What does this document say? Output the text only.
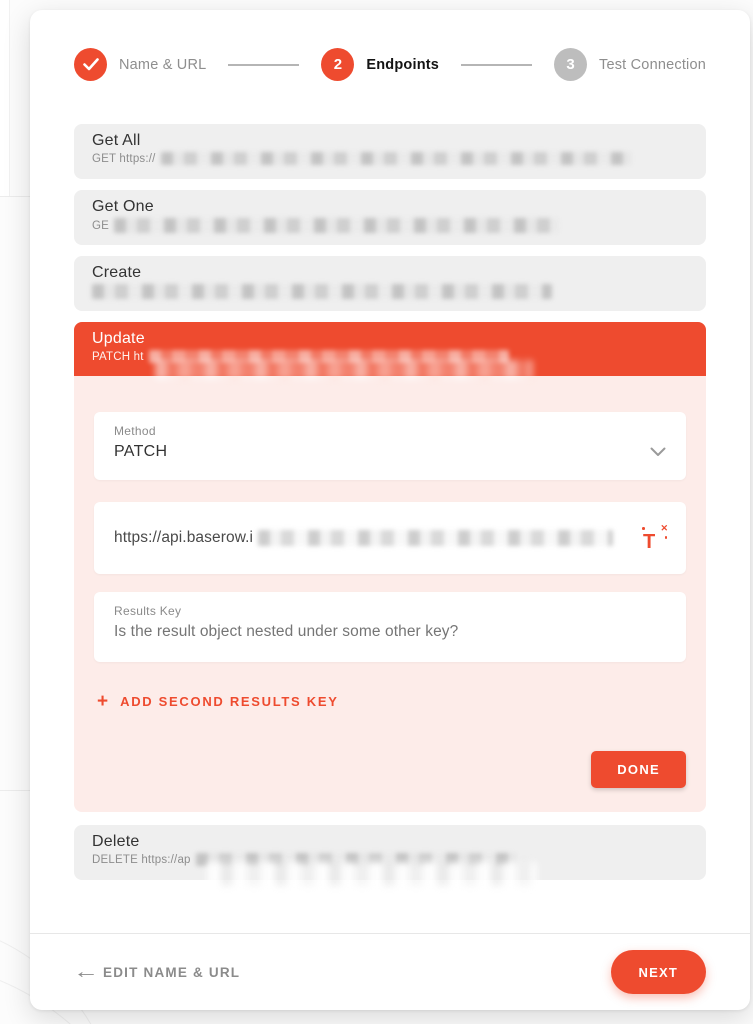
Name & URL	2 Endpoints	3 Test Connection
Get All
GET https://
Get One
GE
Create
Update
PATCH ht
Method
PATCH
https://api.baserow.i	T
✕
Results Key
Is the result object nested under some other key?
+ ADD SECOND RESULTS KEY
DONE
Delete
DELETE https://ap
← EDIT NAME & URL	NEXT
